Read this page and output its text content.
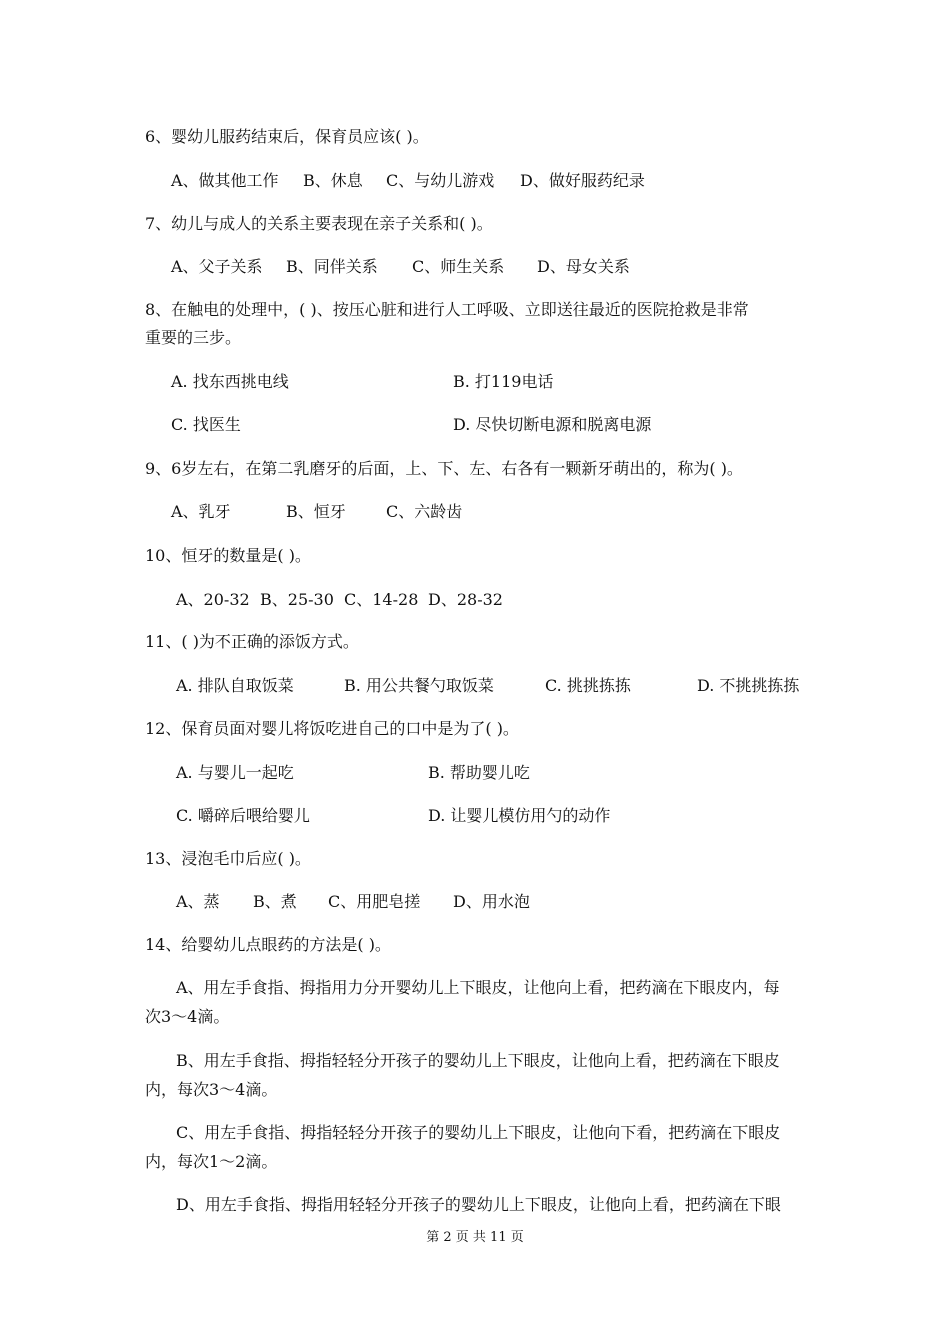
6、婴幼儿服药结束后，保育员应该( )。
A、做其他工作 B、休息 C、与幼儿游戏 D、做好服药纪录
7、幼儿与成人的关系主要表现在亲子关系和( )。
A、父子关系 B、同伴关系 C、师生关系 D、母女关系
8、在触电的处理中，( )、按压心脏和进行人工呼吸、立即送往最近的医院抢救是非常
重要的三步。
A. 找东西挑电线	B. 打119电话
C. 找医生	D. 尽快切断电源和脱离电源
9、6岁左右，在第二乳磨牙的后面，上、下、左、右各有一颗新牙萌出的，称为( )。
A、乳牙	B、恒牙	C、六龄齿
10、恒牙的数量是( )。
A、20-32 B、25-30 C、14-28 D、28-32
11、( )为不正确的添饭方式。
A. 排队自取饭菜	B. 用公共餐勺取饭菜	C. 挑挑拣拣	D. 不挑挑拣拣
12、保育员面对婴儿将饭吃进自己的口中是为了( )。
A. 与婴儿一起吃	B. 帮助婴儿吃
C. 嚼碎后喂给婴儿	D. 让婴儿模仿用勺的动作
13、浸泡毛巾后应( )。
A、蒸 B、煮 C、用肥皂搓 D、用水泡
14、给婴幼儿点眼药的方法是( )。
A、用左手食指、拇指用力分开婴幼儿上下眼皮，让他向上看，把药滴在下眼皮内，每
次3～4滴。
B、用左手食指、拇指轻轻分开孩子的婴幼儿上下眼皮，让他向上看，把药滴在下眼皮
内，每次3～4滴。
C、用左手食指、拇指轻轻分开孩子的婴幼儿上下眼皮，让他向下看，把药滴在下眼皮
内，每次1～2滴。
D、用左手食指、拇指用轻轻分开孩子的婴幼儿上下眼皮，让他向上看，把药滴在下眼
第 2 页 共 11 页
